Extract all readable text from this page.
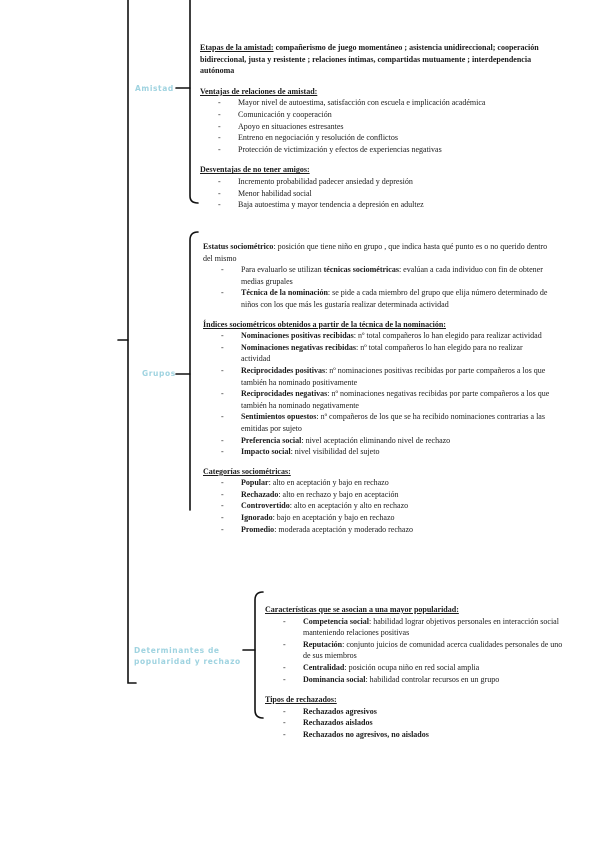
Amistad
Grupos
Determinantes de popularidad y rechazo

Etapas de la amistad: compañerismo de juego momentáneo ; asistencia unidireccional; cooperación bidireccional, justa y resistente ; relaciones íntimas, compartidas mutuamente ; interdependencia autónoma

Ventajas de relaciones de amistad:
- Mayor nivel de autoestima, satisfacción con escuela e implicación académica
- Comunicación y cooperación
- Apoyo en situaciones estresantes
- Entreno en negociación y resolución de conflictos
- Protección de victimización y efectos de experiencias negativas
Desventajas de no tener amigos:
- Incremento probabilidad padecer ansiedad y depresión
- Menor habilidad social
- Baja autoestima y mayor tendencia a depresión en adultez

Estatus sociométrico: posición que tiene niño en grupo , que indica hasta qué punto es o no querido dentro del mismo

- Para evaluarlo se utilizan técnicas sociométricas: evalúan a cada individuo con fin de obtener medias grupales
- Técnica de la nominación: se pide a cada miembro del grupo que elija número determinado de niños con los que más les gustaría realizar determinada actividad
Índices sociométricos obtenidos a partir de la técnica de la nominación:
- Nominaciones positivas recibidas: nº total compañeros lo han elegido para realizar actividad
- Nominaciones negativas recibidas: nº total compañeros lo han elegido para no realizar actividad
- Reciprocidades positivas: nº nominaciones positivas recibidas por parte compañeros a los que también ha nominado positivamente
- Reciprocidades negativas: nº nominaciones negativas recibidas por parte compañeros a los que también ha nominado negativamente
- Sentimientos opuestos: nº compañeros de los que se ha recibido nominaciones contrarias a las emitidas por sujeto
- Preferencia social: nivel aceptación eliminando nivel de rechazo
- Impacto social: nivel visibilidad del sujeto
Categorías sociométricas:
- Popular: alto en aceptación y bajo en rechazo
- Rechazado: alto en rechazo y bajo en aceptación
- Controvertido: alto en aceptación y alto en rechazo
- Ignorado: bajo en aceptación y bajo en rechazo
- Promedio: moderada aceptación y moderado rechazo
Características que se asocian a una mayor popularidad:
- Competencia social: habilidad lograr objetivos personales en interacción social manteniendo relaciones positivas
- Reputación: conjunto juicios de comunidad acerca cualidades personales de uno de sus miembros
- Centralidad: posición ocupa niño en red social amplia
- Dominancia social: habilidad controlar recursos en un grupo
Tipos de rechazados:
- Rechazados agresivos
- Rechazados aislados
- Rechazados no agresivos, no aislados
